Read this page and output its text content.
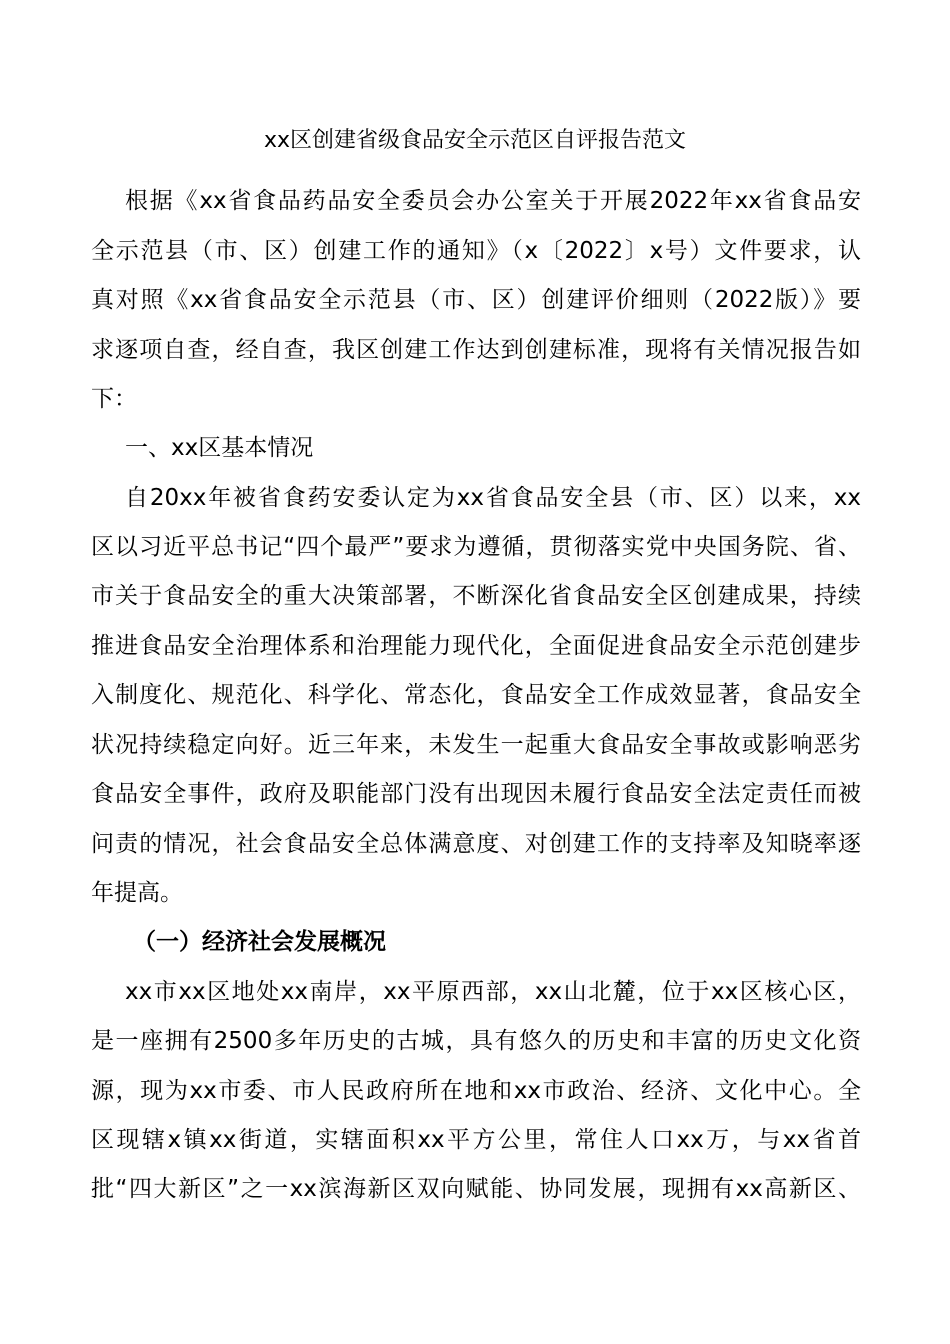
xx区创建省级食品安全示范区自评报告范文
根据《xx省食品药品安全委员会办公室关于开展2022年xx省食品安
全示范县（市、区）创建工作的通知》（x〔2022〕x号）文件要求，认
真对照《xx省食品安全示范县（市、区）创建评价细则（2022版）》要
求逐项自查，经自查，我区创建工作达到创建标准，现将有关情况报告如
下：
一、xx区基本情况
自20xx年被省食药安委认定为xx省食品安全县（市、区）以来，xx
区以习近平总书记“四个最严”要求为遵循，贯彻落实党中央国务院、省、
市关于食品安全的重大决策部署，不断深化省食品安全区创建成果，持续
推进食品安全治理体系和治理能力现代化，全面促进食品安全示范创建步
入制度化、规范化、科学化、常态化，食品安全工作成效显著，食品安全
状况持续稳定向好。近三年来，未发生一起重大食品安全事故或影响恶劣
食品安全事件，政府及职能部门没有出现因未履行食品安全法定责任而被
问责的情况，社会食品安全总体满意度、对创建工作的支持率及知晓率逐
年提高。
（一）经济社会发展概况
xx市xx区地处xx南岸，xx平原西部，xx山北麓，位于xx区核心区，
是一座拥有2500多年历史的古城，具有悠久的历史和丰富的历史文化资
源，现为xx市委、市人民政府所在地和xx市政治、经济、文化中心。全
区现辖x镇xx街道，实辖面积xx平方公里，常住人口xx万，与xx省首
批“四大新区”之一xx滨海新区双向赋能、协同发展，现拥有xx高新区、
